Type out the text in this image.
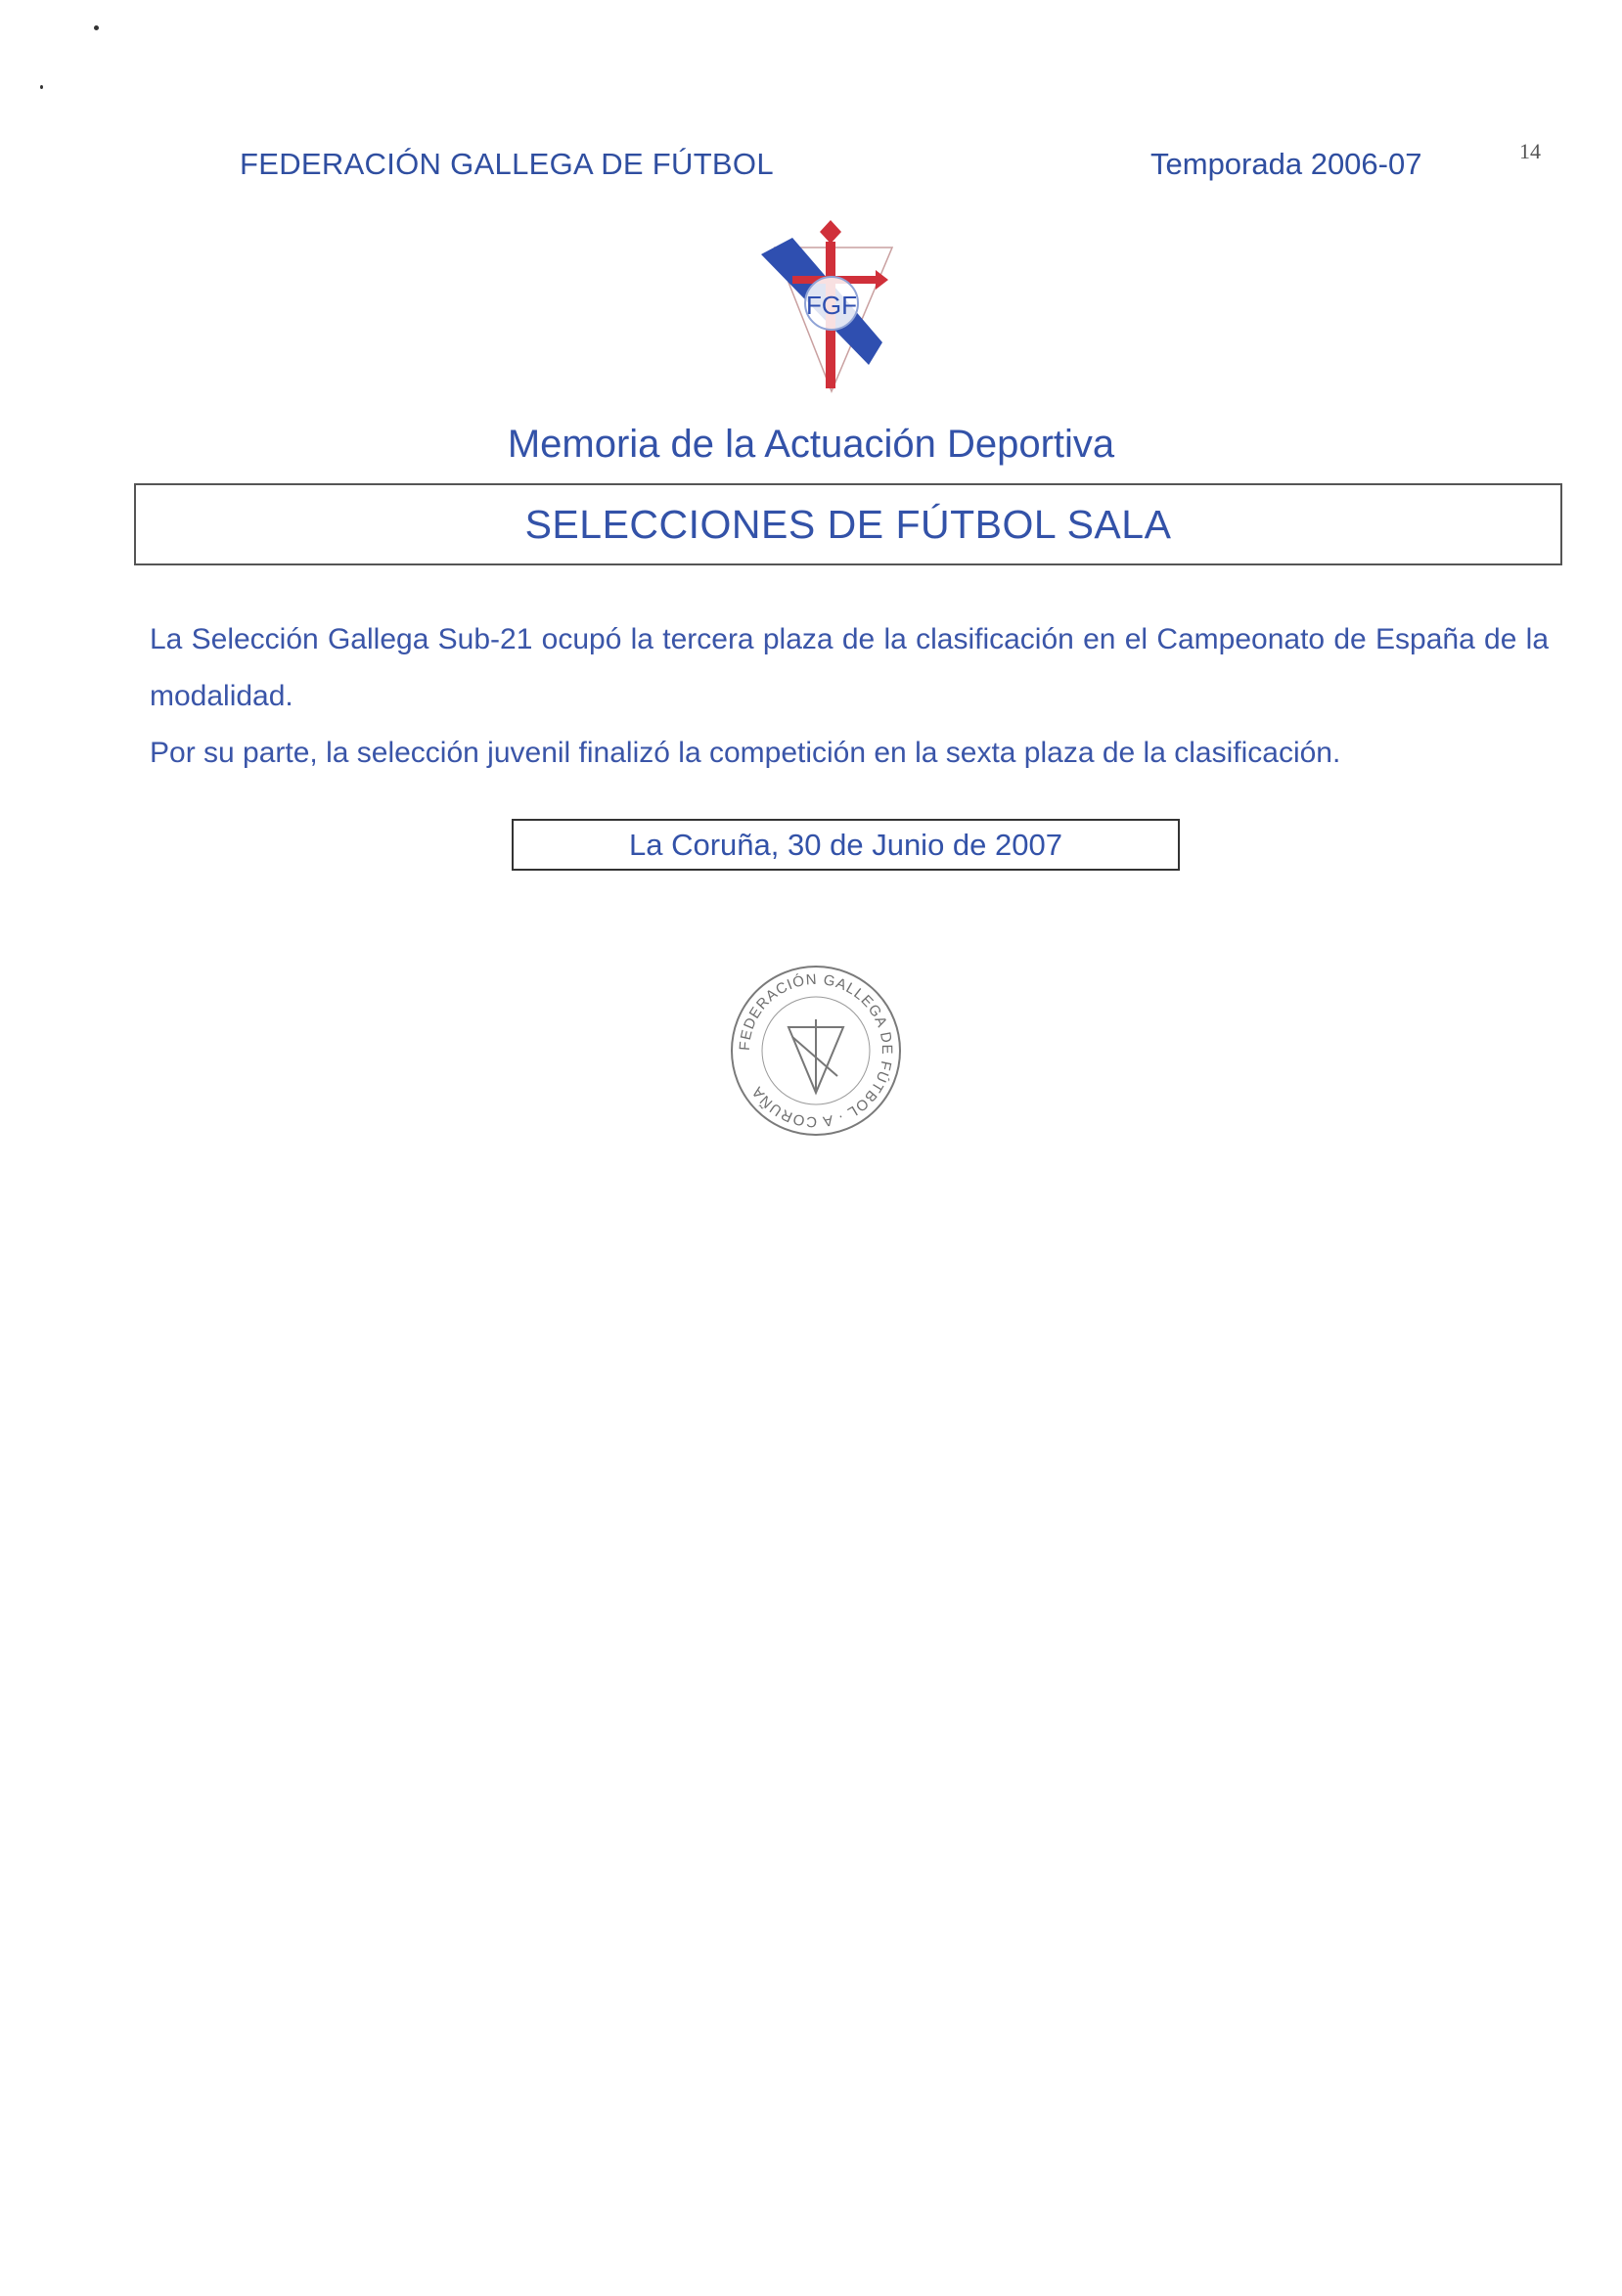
FEDERACIÓN GALLEGA DE FÚTBOL	Temporada 2006-07	14
FGF
Memoria de la Actuación Deportiva
SELECCIONES DE FÚTBOL SALA
La Selección Gallega Sub-21 ocupó la tercera plaza de la clasificación en el Campeonato de España de la modalidad.
Por su parte, la selección juvenil finalizó la competición en la sexta plaza de la clasificación.
La Coruña, 30 de Junio de 2007
FEDERACIÓN GALLEGA DE FÚTBOL · A CORUÑA
